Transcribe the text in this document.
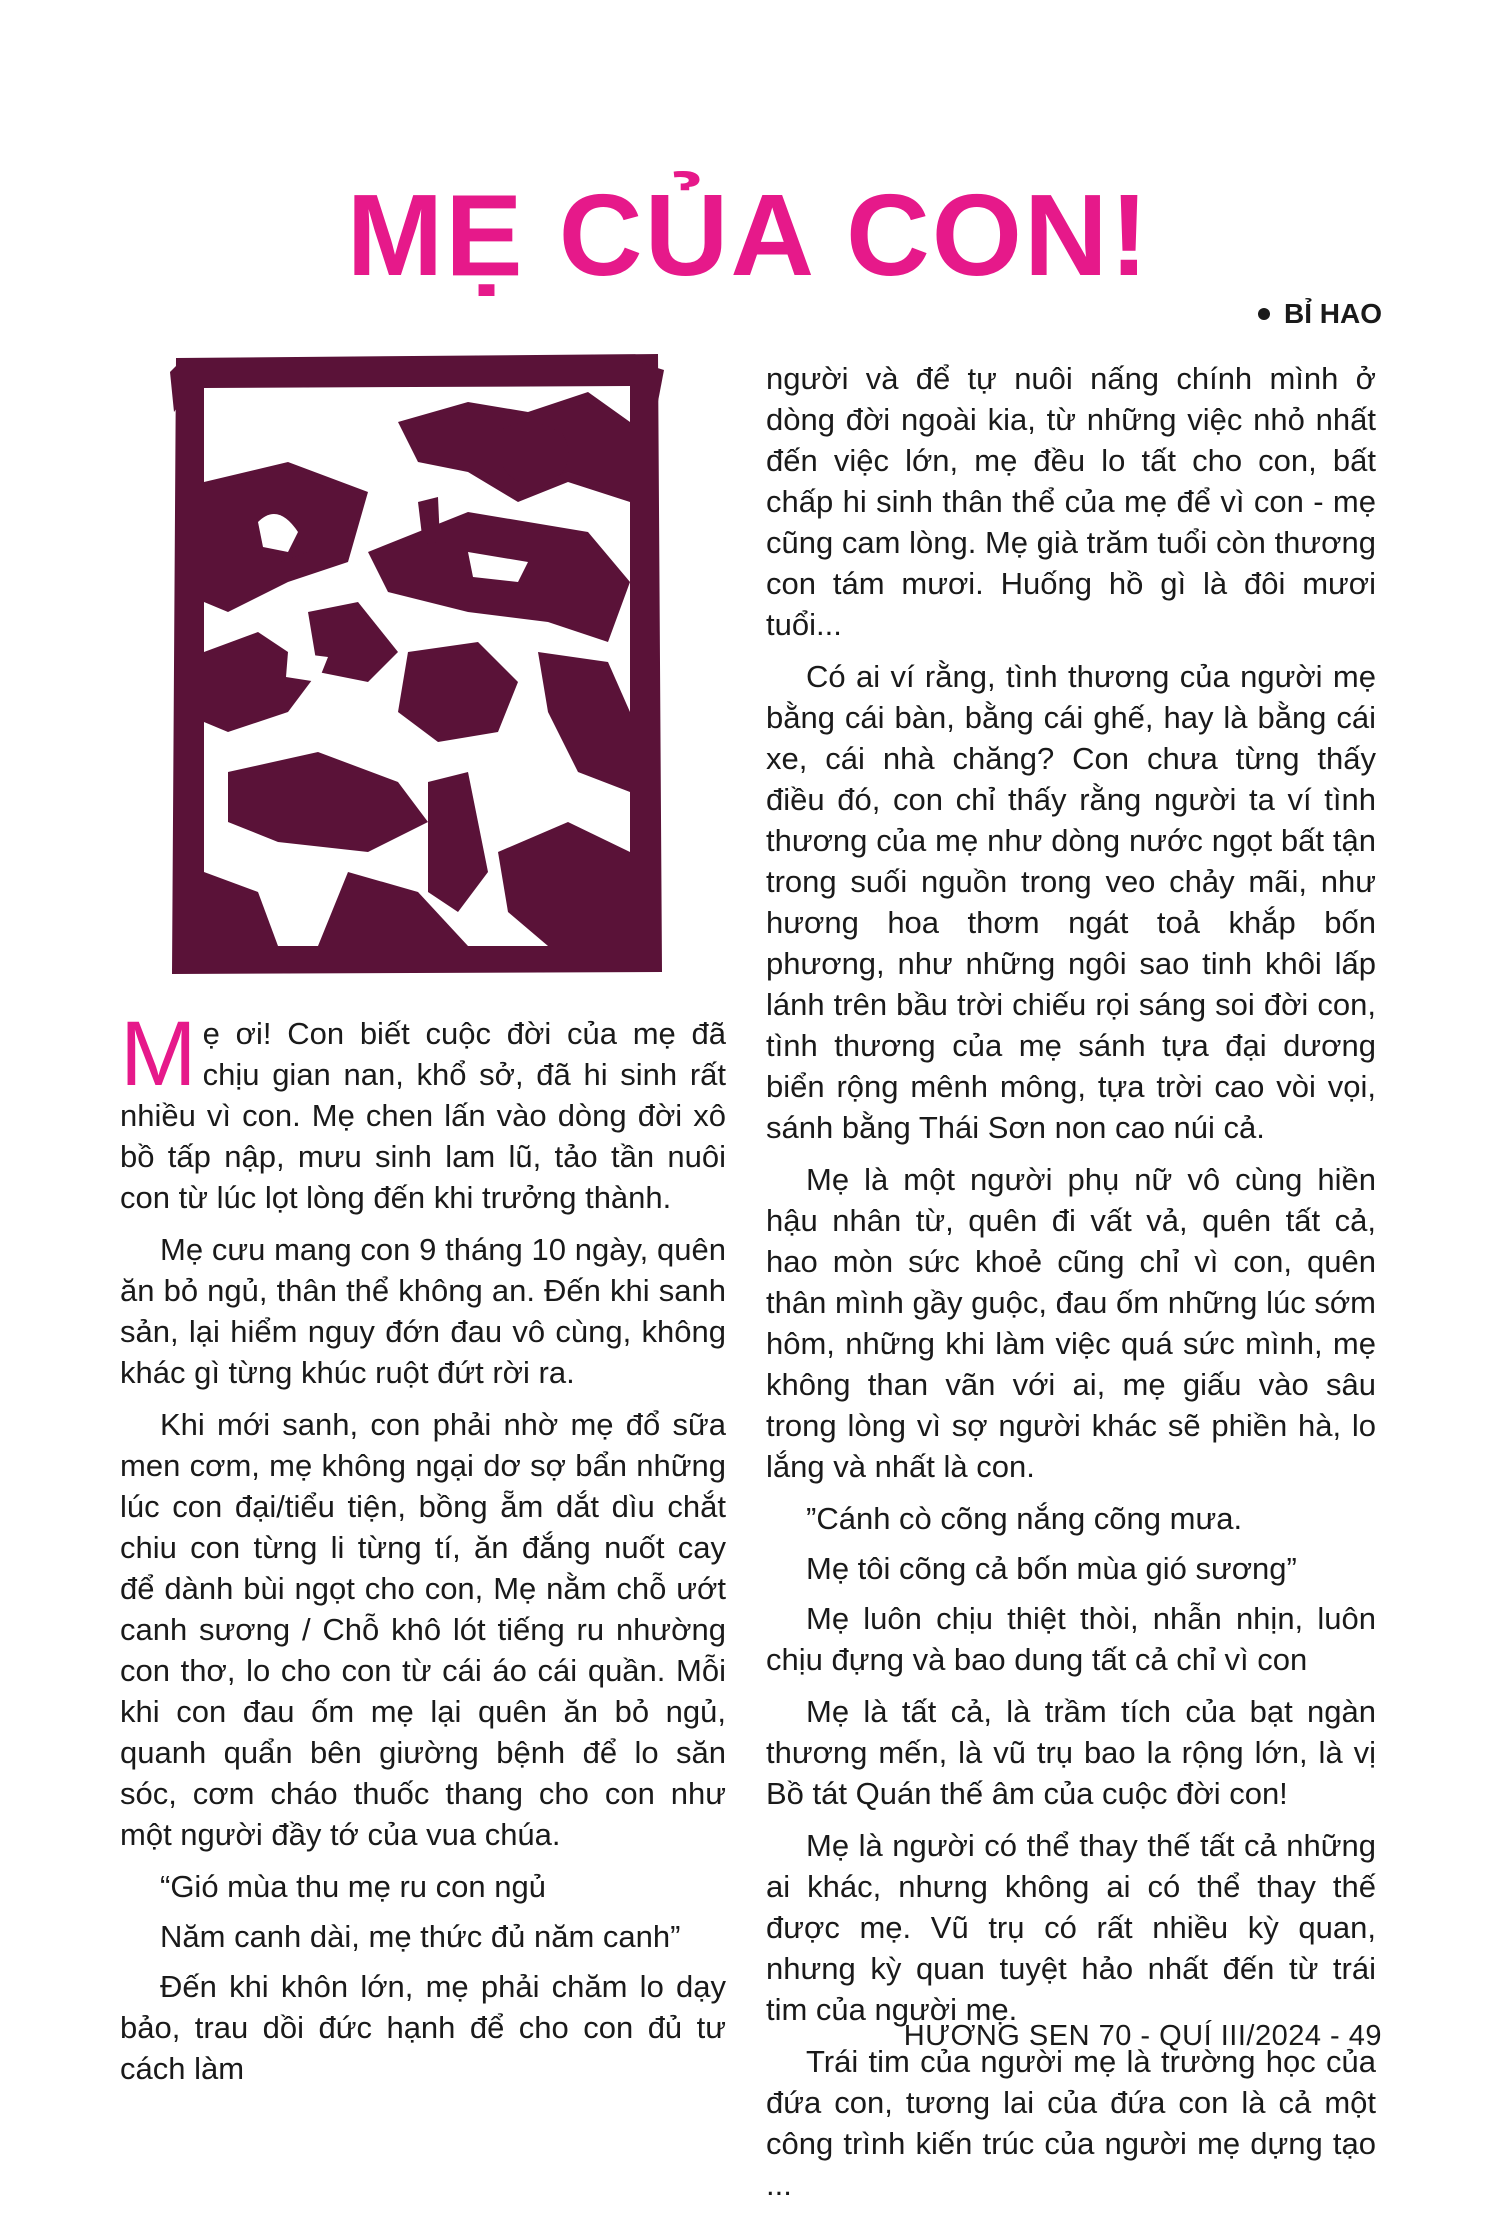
MẸ CỦA CON!
BỈ HAO

Mẹ ơi! Con biết cuộc đời của mẹ đã chịu gian nan, khổ sở, đã hi sinh rất nhiều vì con. Mẹ chen lấn vào dòng đời xô bồ tấp nập, mưu sinh lam lũ, tảo tần nuôi con từ lúc lọt lòng đến khi trưởng thành.

Mẹ cưu mang con 9 tháng 10 ngày, quên ăn bỏ ngủ, thân thể không an. Đến khi sanh sản, lại hiểm nguy đớn đau vô cùng, không khác gì từng khúc ruột đứt rời ra.

Khi mới sanh, con phải nhờ mẹ đổ sữa men cơm, mẹ không ngại dơ sợ bẩn những lúc con đại/tiểu tiện, bồng ẵm dắt dìu chắt chiu con từng li từng tí, ăn đắng nuốt cay để dành bùi ngọt cho con, Mẹ nằm chỗ ướt canh sương / Chỗ khô lót tiếng ru nhường con thơ, lo cho con từ cái áo cái quần. Mỗi khi con đau ốm mẹ lại quên ăn bỏ ngủ, quanh quẩn bên giường bệnh để lo săn sóc, cơm cháo thuốc thang cho con như một người đầy tớ của vua chúa.

“Gió mùa thu mẹ ru con ngủ

Năm canh dài, mẹ thức đủ năm canh”

Đến khi khôn lớn, mẹ phải chăm lo dạy bảo, trau dồi đức hạnh để cho con đủ tư cách làm

người và để tự nuôi nấng chính mình ở dòng đời ngoài kia, từ những việc nhỏ nhất đến việc lớn, mẹ đều lo tất cho con, bất chấp hi sinh thân thể của mẹ để vì con - mẹ cũng cam lòng. Mẹ già trăm tuổi còn thương con tám mươi. Huống hồ gì là đôi mươi tuổi...

Có ai ví rằng, tình thương của người mẹ bằng cái bàn, bằng cái ghế, hay là bằng cái xe, cái nhà chăng? Con chưa từng thấy điều đó, con chỉ thấy rằng người ta ví tình thương của mẹ như dòng nước ngọt bất tận trong suối nguồn trong veo chảy mãi, như hương hoa thơm ngát toả khắp bốn phương, như những ngôi sao tinh khôi lấp lánh trên bầu trời chiếu rọi sáng soi đời con, tình thương của mẹ sánh tựa đại dương biển rộng mênh mông, tựa trời cao vòi vọi, sánh bằng Thái Sơn non cao núi cả.

Mẹ là một người phụ nữ vô cùng hiền hậu nhân từ, quên đi vất vả, quên tất cả, hao mòn sức khoẻ cũng chỉ vì con, quên thân mình gầy guộc, đau ốm những lúc sớm hôm, những khi làm việc quá sức mình, mẹ không than vãn với ai, mẹ giấu vào sâu trong lòng vì sợ người khác sẽ phiền hà, lo lắng và nhất là con.

”Cánh cò cõng nắng cõng mưa.

Mẹ tôi cõng cả bốn mùa gió sương”

Mẹ luôn chịu thiệt thòi, nhẫn nhịn, luôn chịu đựng và bao dung tất cả chỉ vì con

Mẹ là tất cả, là trầm tích của bạt ngàn thương mến, là vũ trụ bao la rộng lớn, là vị Bồ tát Quán thế âm của cuộc đời con!

Mẹ là người có thể thay thế tất cả những ai khác, nhưng không ai có thể thay thế được mẹ. Vũ trụ có rất nhiều kỳ quan, nhưng kỳ quan tuyệt hảo nhất đến từ trái tim của người mẹ.

Trái tim của người mẹ là trường học của đứa con, tương lai của đứa con là cả một công trình kiến trúc của người mẹ dựng tạo ...

HƯƠNG SEN 70 - QUÍ III/2024 - 49
